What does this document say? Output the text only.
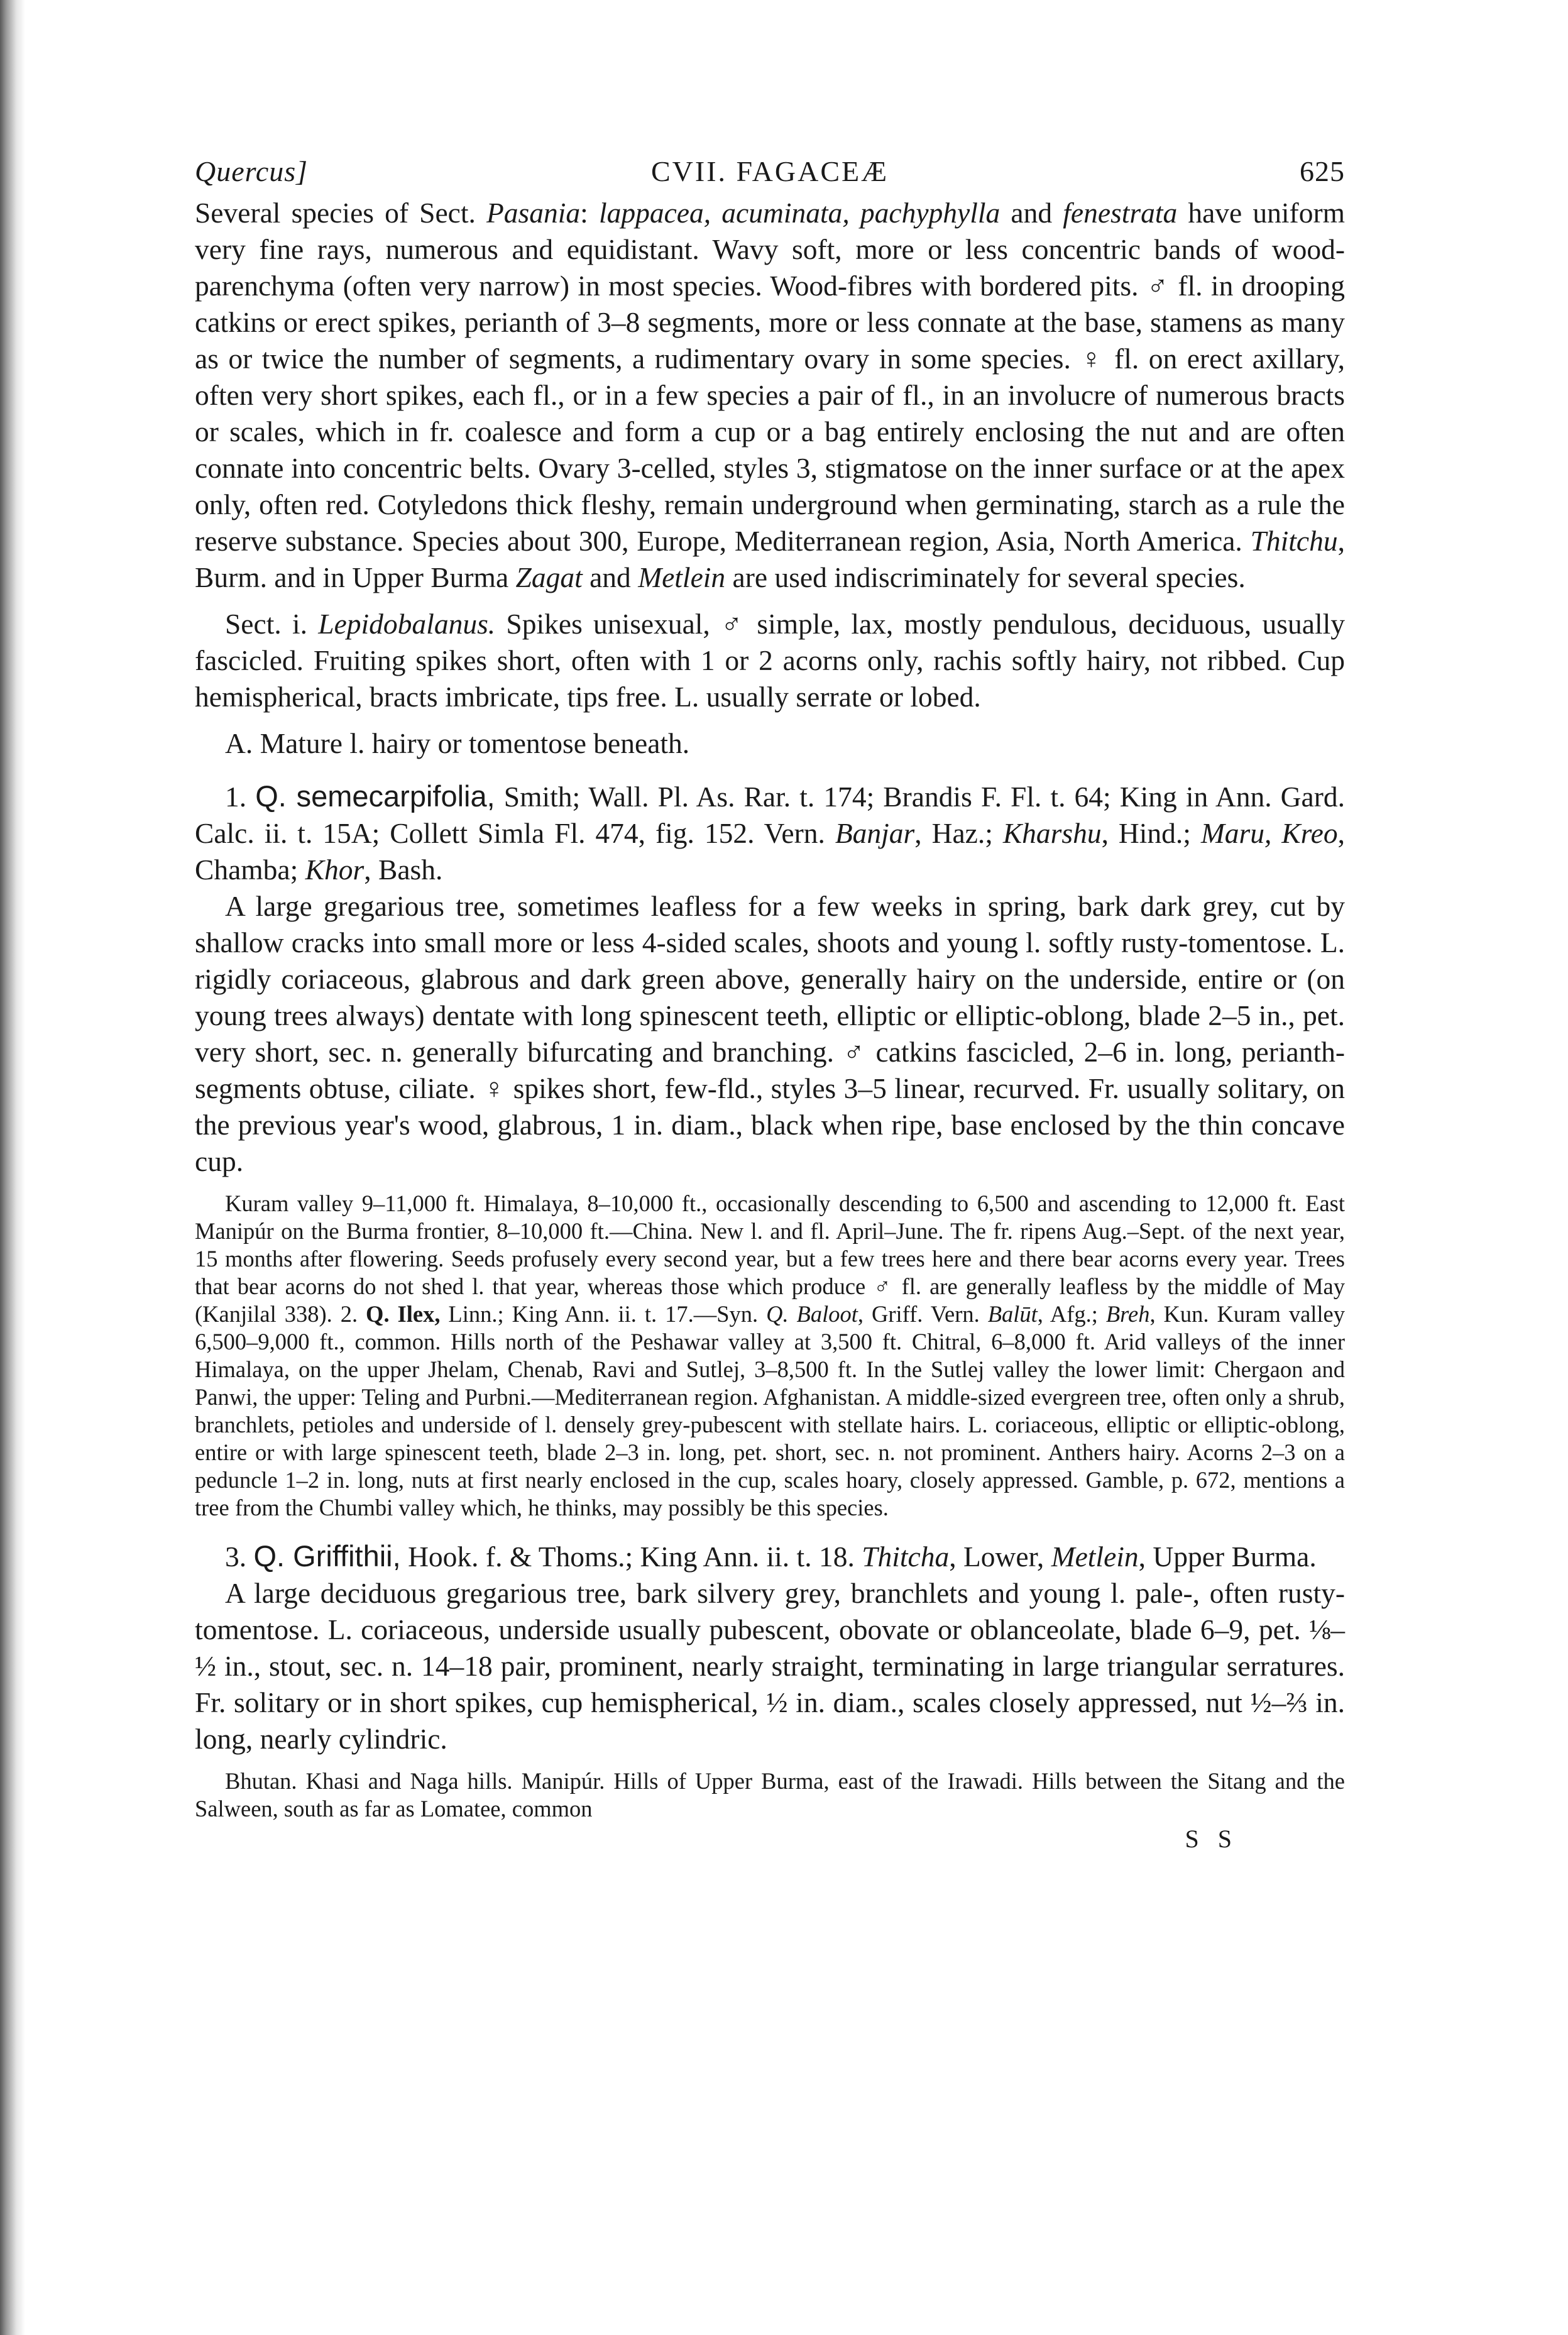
Quercus]	CVII. FAGACEÆ	625

Several species of Sect. Pasania: lappacea, acuminata, pachyphylla and fenestrata have uniform very fine rays, numerous and equidistant. Wavy soft, more or less concentric bands of wood-parenchyma (often very narrow) in most species. Wood-fibres with bordered pits. ♂ fl. in drooping catkins or erect spikes, perianth of 3–8 segments, more or less connate at the base, stamens as many as or twice the number of segments, a rudimentary ovary in some species. ♀ fl. on erect axillary, often very short spikes, each fl., or in a few species a pair of fl., in an involucre of numerous bracts or scales, which in fr. coalesce and form a cup or a bag entirely enclosing the nut and are often connate into concentric belts. Ovary 3-celled, styles 3, stigmatose on the inner surface or at the apex only, often red. Cotyledons thick fleshy, remain underground when germinating, starch as a rule the reserve substance. Species about 300, Europe, Mediterranean region, Asia, North America. Thitchu, Burm. and in Upper Burma Zagat and Metlein are used indiscriminately for several species.

Sect. i. Lepidobalanus. Spikes unisexual, ♂ simple, lax, mostly pendulous, deciduous, usually fascicled. Fruiting spikes short, often with 1 or 2 acorns only, rachis softly hairy, not ribbed. Cup hemispherical, bracts imbricate, tips free. L. usually serrate or lobed.

A. Mature l. hairy or tomentose beneath.

1. Q. semecarpifolia, Smith; Wall. Pl. As. Rar. t. 174; Brandis F. Fl. t. 64; King in Ann. Gard. Calc. ii. t. 15A; Collett Simla Fl. 474, fig. 152. Vern. Banjar, Haz.; Kharshu, Hind.; Maru, Kreo, Chamba; Khor, Bash.

A large gregarious tree, sometimes leafless for a few weeks in spring, bark dark grey, cut by shallow cracks into small more or less 4-sided scales, shoots and young l. softly rusty-tomentose. L. rigidly coriaceous, glabrous and dark green above, generally hairy on the underside, entire or (on young trees always) dentate with long spinescent teeth, elliptic or elliptic-oblong, blade 2–5 in., pet. very short, sec. n. generally bifurcating and branching. ♂ catkins fascicled, 2–6 in. long, perianth-segments obtuse, ciliate. ♀ spikes short, few-fld., styles 3–5 linear, recurved. Fr. usually solitary, on the previous year's wood, glabrous, 1 in. diam., black when ripe, base enclosed by the thin concave cup.

Kuram valley 9–11,000 ft. Himalaya, 8–10,000 ft., occasionally descending to 6,500 and ascending to 12,000 ft. East Manipúr on the Burma frontier, 8–10,000 ft.—China. New l. and fl. April–June. The fr. ripens Aug.–Sept. of the next year, 15 months after flowering. Seeds profusely every second year, but a few trees here and there bear acorns every year. Trees that bear acorns do not shed l. that year, whereas those which produce ♂ fl. are generally leafless by the middle of May (Kanjilal 338). 2. Q. Ilex, Linn.; King Ann. ii. t. 17.—Syn. Q. Baloot, Griff. Vern. Balūt, Afg.; Breh, Kun. Kuram valley 6,500–9,000 ft., common. Hills north of the Peshawar valley at 3,500 ft. Chitral, 6–8,000 ft. Arid valleys of the inner Himalaya, on the upper Jhelam, Chenab, Ravi and Sutlej, 3–8,500 ft. In the Sutlej valley the lower limit: Chergaon and Panwi, the upper: Teling and Purbni.—Mediterranean region. Afghanistan. A middle-sized evergreen tree, often only a shrub, branchlets, petioles and underside of l. densely grey-pubescent with stellate hairs. L. coriaceous, elliptic or elliptic-oblong, entire or with large spinescent teeth, blade 2–3 in. long, pet. short, sec. n. not prominent. Anthers hairy. Acorns 2–3 on a peduncle 1–2 in. long, nuts at first nearly enclosed in the cup, scales hoary, closely appressed. Gamble, p. 672, mentions a tree from the Chumbi valley which, he thinks, may possibly be this species.

3. Q. Griffithii, Hook. f. & Thoms.; King Ann. ii. t. 18. Thitcha, Lower, Metlein, Upper Burma.

A large deciduous gregarious tree, bark silvery grey, branchlets and young l. pale-, often rusty-tomentose. L. coriaceous, underside usually pubescent, obovate or oblanceolate, blade 6–9, pet. ⅛–½ in., stout, sec. n. 14–18 pair, prominent, nearly straight, terminating in large triangular serratures. Fr. solitary or in short spikes, cup hemispherical, ½ in. diam., scales closely appressed, nut ½–⅔ in. long, nearly cylindric.

Bhutan. Khasi and Naga hills. Manipúr. Hills of Upper Burma, east of the Irawadi. Hills between the Sitang and the Salween, south as far as Lomatee, common

S S
